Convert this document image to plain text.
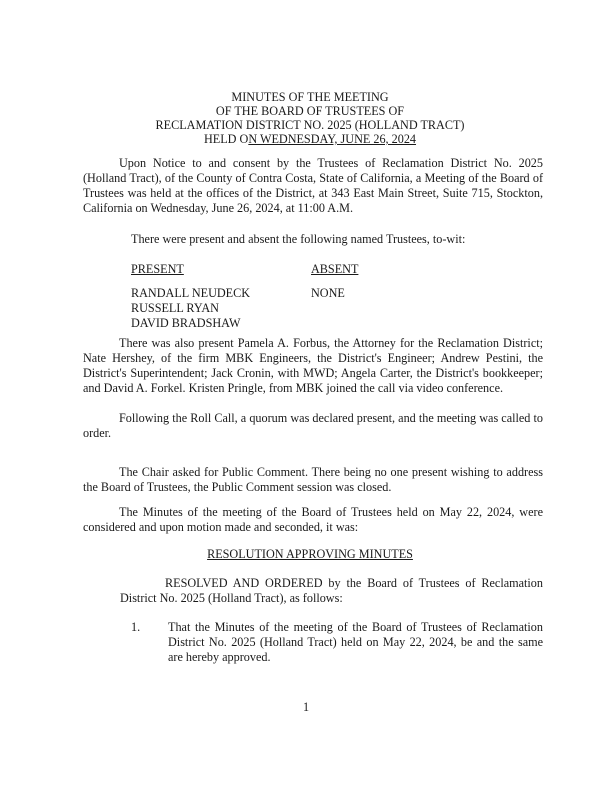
MINUTES OF THE MEETING
OF THE BOARD OF TRUSTEES OF
RECLAMATION DISTRICT NO. 2025 (HOLLAND TRACT)
HELD ON WEDNESDAY, JUNE 26, 2024
Upon Notice to and consent by the Trustees of Reclamation District No. 2025 (Holland Tract), of the County of Contra Costa, State of California, a Meeting of the Board of Trustees was held at the offices of the District, at 343 East Main Street, Suite 715, Stockton, California on Wednesday, June 26, 2024, at 11:00 A.M.
There were present and absent the following named Trustees, to-wit:
PRESENT	ABSENT
RANDALL NEUDECK
RUSSELL RYAN
DAVID BRADSHAW
NONE
There was also present Pamela A. Forbus, the Attorney for the Reclamation District; Nate Hershey, of the firm MBK Engineers, the District's Engineer; Andrew Pestini, the District's Superintendent; Jack Cronin, with MWD; Angela Carter, the District's bookkeeper; and David A. Forkel. Kristen Pringle, from MBK joined the call via video conference.
Following the Roll Call, a quorum was declared present, and the meeting was called to order.
The Chair asked for Public Comment. There being no one present wishing to address the Board of Trustees, the Public Comment session was closed.
The Minutes of the meeting of the Board of Trustees held on May 22, 2024, were considered and upon motion made and seconded, it was:
RESOLUTION APPROVING MINUTES
RESOLVED AND ORDERED by the Board of Trustees of Reclamation District No. 2025 (Holland Tract), as follows:
1. That the Minutes of the meeting of the Board of Trustees of Reclamation District No. 2025 (Holland Tract) held on May 22, 2024, be and the same are hereby approved.
1
